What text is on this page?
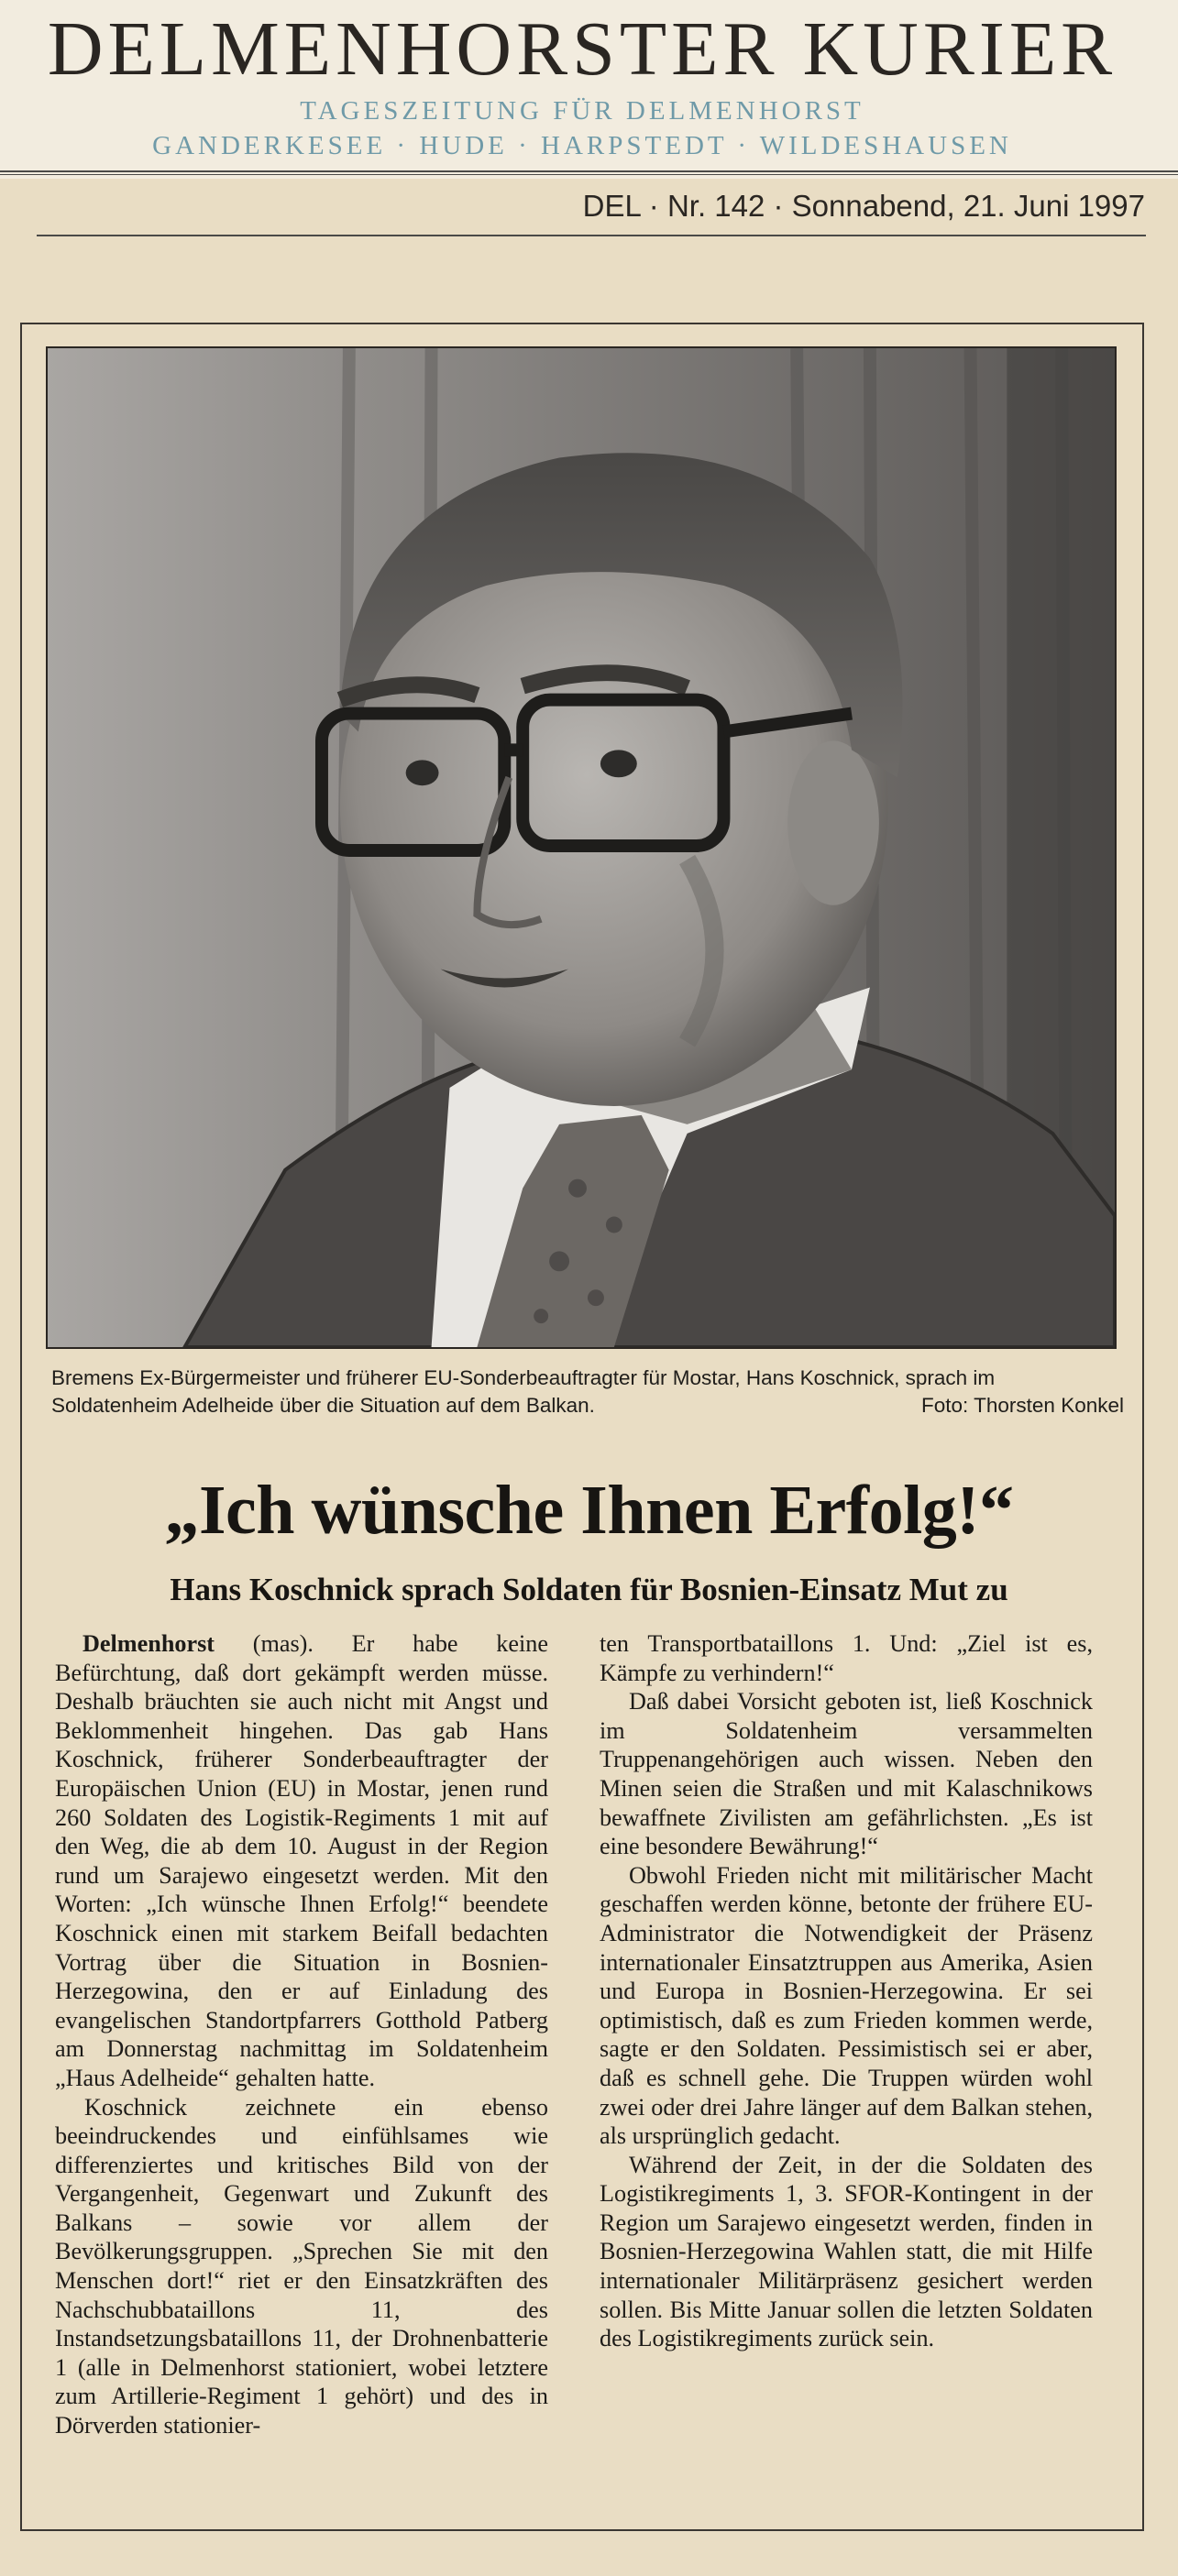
DELMENHORSTER KURIER
TAGESZEITUNG FÜR DELMENHORST
GANDERKESEE · HUDE · HARPSTEDT · WILDESHAUSEN
DEL · Nr. 142 · Sonnabend, 21. Juni 1997
Bremens Ex-Bürgermeister und früherer EU-Sonderbeauftragter für Mostar, Hans Koschnick, sprach im Soldatenheim Adelheide über die Situation auf dem Balkan.	Foto: Thorsten Konkel
„Ich wünsche Ihnen Erfolg!“
Hans Koschnick sprach Soldaten für Bosnien-Einsatz Mut zu

Delmenhorst (mas). Er habe keine Befürchtung, daß dort gekämpft werden müsse. Deshalb bräuchten sie auch nicht mit Angst und Beklommenheit hingehen. Das gab Hans Koschnick, früherer Sonderbeauftragter der Europäischen Union (EU) in Mostar, jenen rund 260 Soldaten des Logistik-Regiments 1 mit auf den Weg, die ab dem 10. August in der Region rund um Sarajewo eingesetzt werden. Mit den Worten: „Ich wünsche Ihnen Erfolg!“ beendete Koschnick einen mit starkem Beifall bedachten Vortrag über die Situation in Bosnien-Herzegowina, den er auf Einladung des evangelischen Standortpfarrers Gotthold Patberg am Donnerstag nachmittag im Soldatenheim „Haus Adelheide“ gehalten hatte.

Koschnick zeichnete ein ebenso beeindruckendes und einfühlsames wie differenziertes und kritisches Bild von der Vergangenheit, Gegenwart und Zukunft des Balkans – sowie vor allem der Bevölkerungsgruppen. „Sprechen Sie mit den Menschen dort!“ riet er den Einsatzkräften des Nachschubbataillons 11, des Instandsetzungsbataillons 11, der Drohnenbatterie 1 (alle in Delmenhorst stationiert, wobei letztere zum Artillerie-Regiment 1 gehört) und des in Dörverden stationier-

ten Transportbataillons 1. Und: „Ziel ist es, Kämpfe zu verhindern!“

Daß dabei Vorsicht geboten ist, ließ Koschnick im Soldatenheim versammelten Truppenangehörigen auch wissen. Neben den Minen seien die Straßen und mit Kalaschnikows bewaffnete Zivilisten am gefährlichsten. „Es ist eine besondere Bewährung!“

Obwohl Frieden nicht mit militärischer Macht geschaffen werden könne, betonte der frühere EU-Administrator die Notwendigkeit der Präsenz internationaler Einsatztruppen aus Amerika, Asien und Europa in Bosnien-Herzegowina. Er sei optimistisch, daß es zum Frieden kommen werde, sagte er den Soldaten. Pessimistisch sei er aber, daß es schnell gehe. Die Truppen würden wohl zwei oder drei Jahre länger auf dem Balkan stehen, als ursprünglich gedacht.

Während der Zeit, in der die Soldaten des Logistikregiments 1, 3. SFOR-Kontingent in der Region um Sarajewo eingesetzt werden, finden in Bosnien-Herzegowina Wahlen statt, die mit Hilfe internationaler Militärpräsenz gesichert werden sollen. Bis Mitte Januar sollen die letzten Soldaten des Logistikregiments zurück sein.
